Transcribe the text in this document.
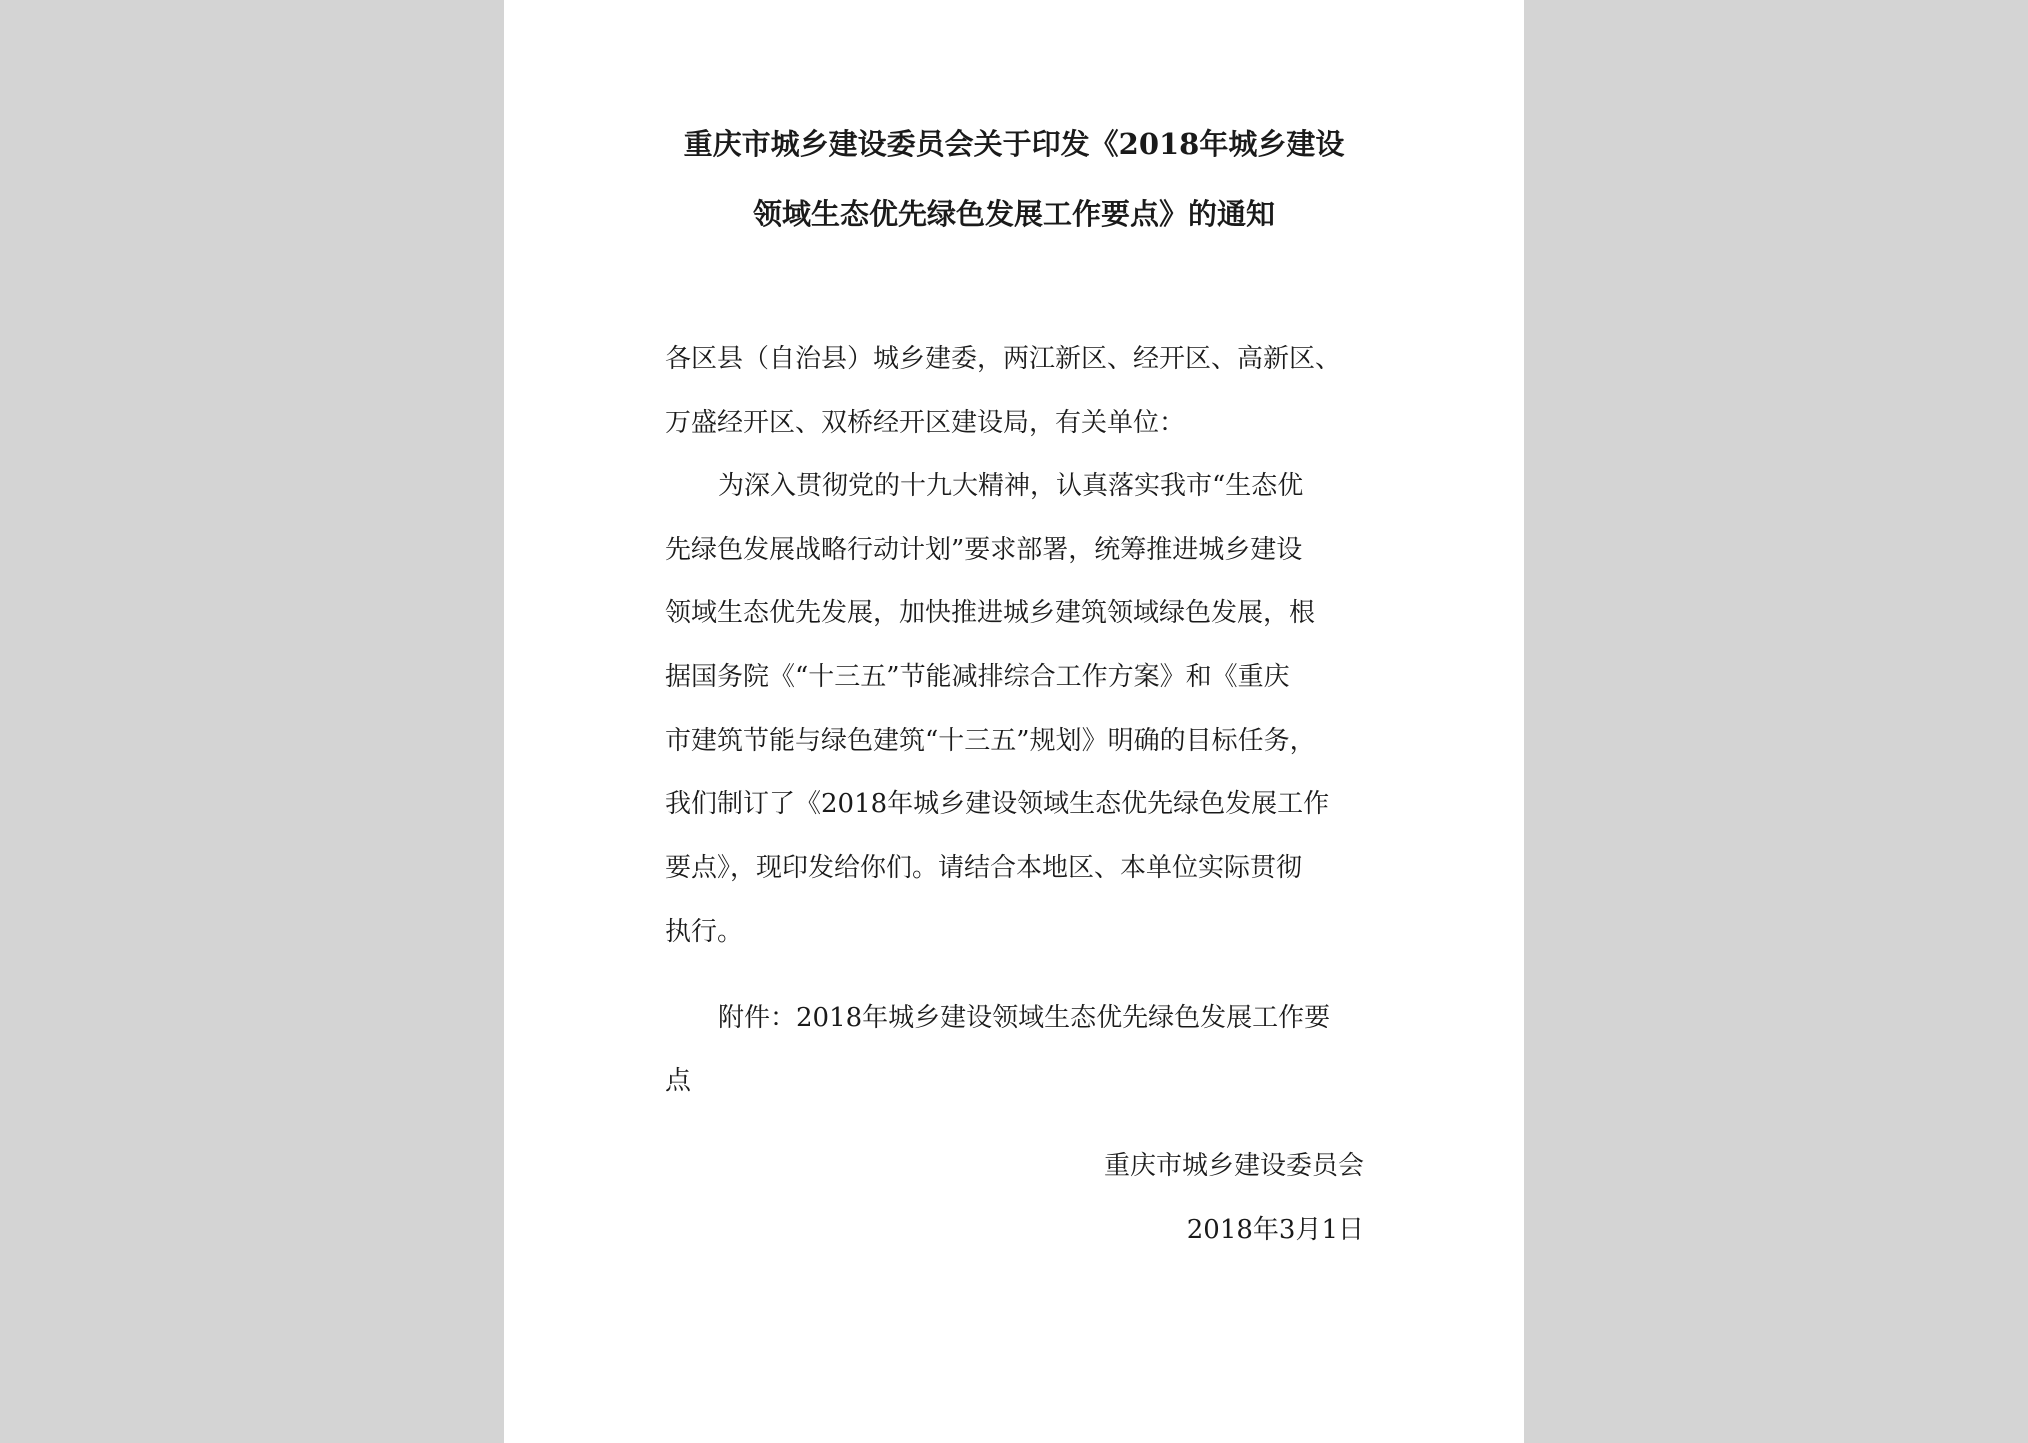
重庆市城乡建设委员会关于印发《2018年城乡建设

领域生态优先绿色发展工作要点》的通知

各区县（自治县）城乡建委，两江新区、经开区、高新区、

万盛经开区、双桥经开区建设局，有关单位：

为深入贯彻党的十九大精神，认真落实我市“生态优

先绿色发展战略行动计划”要求部署，统筹推进城乡建设

领域生态优先发展，加快推进城乡建筑领域绿色发展，根

据国务院《“十三五”节能减排综合工作方案》和《重庆

市建筑节能与绿色建筑“十三五”规划》明确的目标任务，

我们制订了《2018年城乡建设领域生态优先绿色发展工作

要点》，现印发给你们。请结合本地区、本单位实际贯彻

执行。

附件：2018年城乡建设领域生态优先绿色发展工作要

点

重庆市城乡建设委员会

2018年3月1日
